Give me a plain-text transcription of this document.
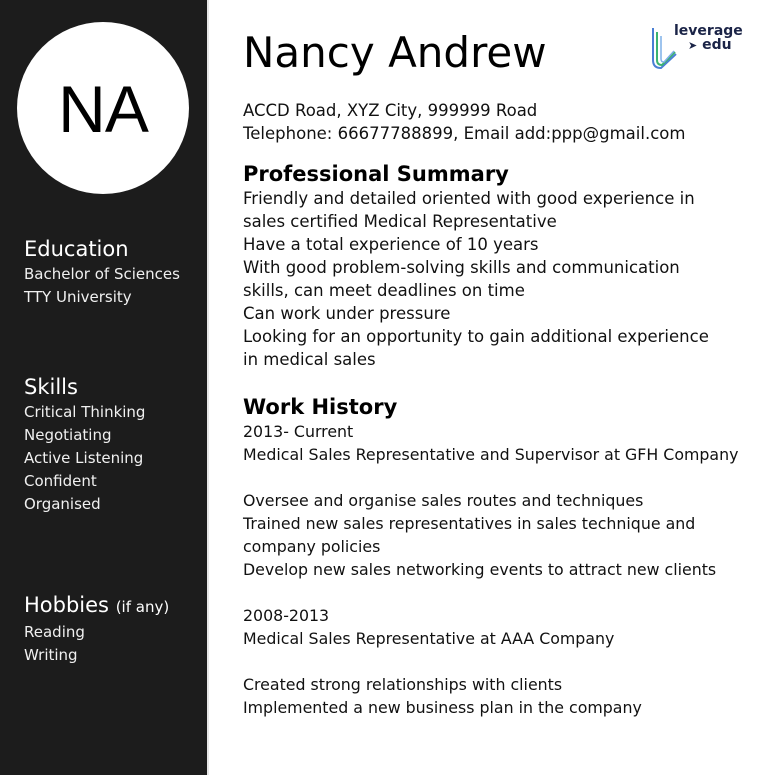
NA
Education
Bachelor of Sciences
TTY University
Skills
Critical Thinking
Negotiating
Active Listening
Confident
Organised
Hobbies (if any)
Reading
Writing
Nancy Andrew	leverage
➤ edu
ACCD Road, XYZ City, 999999 Road
Telephone: 66677788899, Email add:ppp@gmail.com
Professional Summary
Friendly and detailed oriented with good experience in
sales certified Medical Representative
Have a total experience of 10 years
With good problem-solving skills and communication
skills, can meet deadlines on time
Can work under pressure
Looking for an opportunity to gain additional experience
in medical sales
Work History
2013- Current
Medical Sales Representative and Supervisor at GFH Company
Oversee and organise sales routes and techniques
Trained new sales representatives in sales technique and
company policies
Develop new sales networking events to attract new clients
2008-2013
Medical Sales Representative at AAA Company
Created strong relationships with clients
Implemented a new business plan in the company
